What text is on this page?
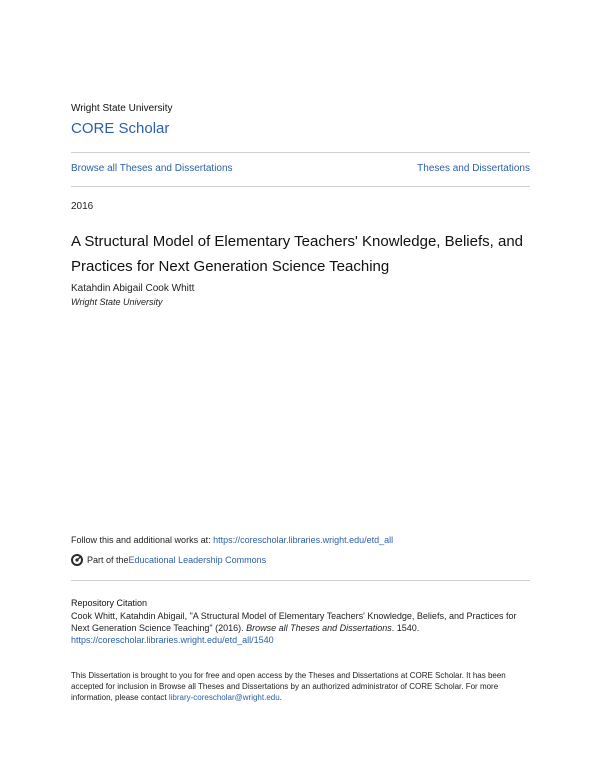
Wright State University
CORE Scholar
Browse all Theses and Dissertations	Theses and Dissertations
2016
A Structural Model of Elementary Teachers' Knowledge, Beliefs, and Practices for Next Generation Science Teaching
Katahdin Abigail Cook Whitt
Wright State University
Follow this and additional works at: https://corescholar.libraries.wright.edu/etd_all
Part of the Educational Leadership Commons
Repository Citation
Cook Whitt, Katahdin Abigail, "A Structural Model of Elementary Teachers' Knowledge, Beliefs, and Practices for Next Generation Science Teaching" (2016). Browse all Theses and Dissertations. 1540.
https://corescholar.libraries.wright.edu/etd_all/1540
This Dissertation is brought to you for free and open access by the Theses and Dissertations at CORE Scholar. It has been accepted for inclusion in Browse all Theses and Dissertations by an authorized administrator of CORE Scholar. For more information, please contact library-corescholar@wright.edu.
